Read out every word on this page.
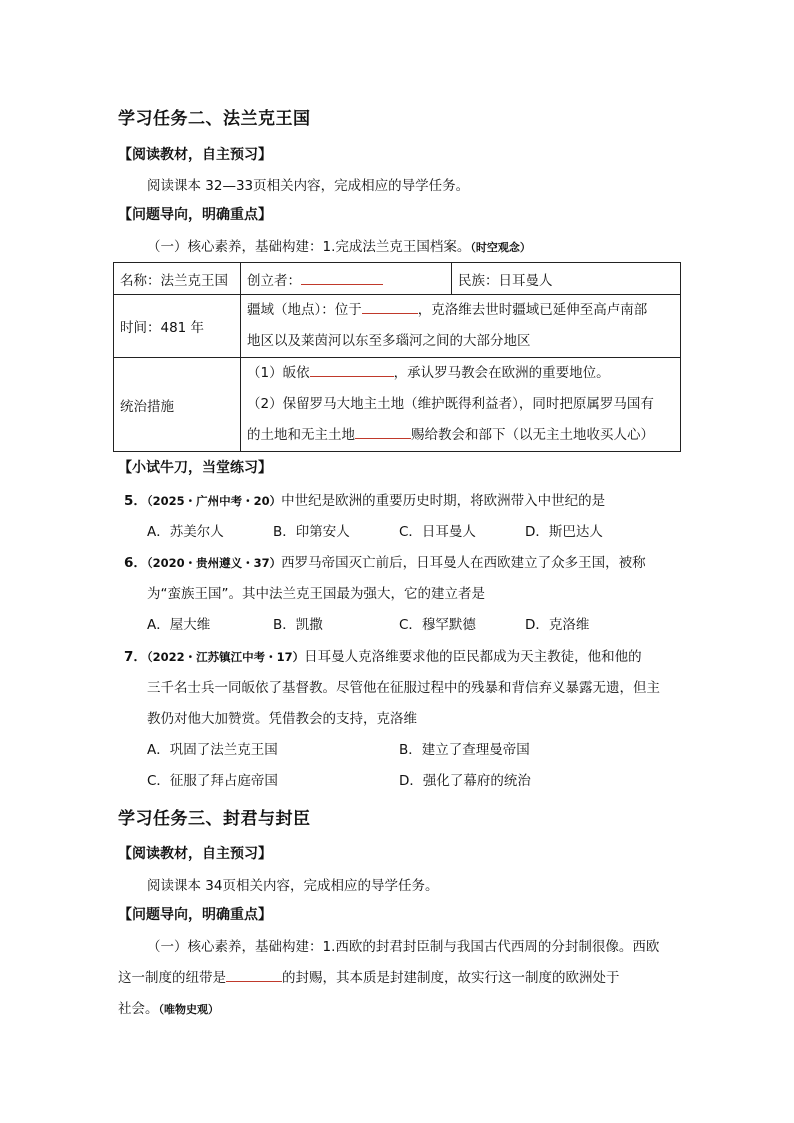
学习任务二、法兰克王国
【阅读教材，自主预习】
阅读课本 32—33页相关内容，完成相应的导学任务。
【问题导向，明确重点】
（一）核心素养，基础构建：1.完成法兰克王国档案。（时空观念）
名称：法兰克王国	创立者：	民族：日耳曼人
时间：481 年	疆域（地点）：位于 ，克洛维去世时疆域已延伸至高卢南部
地区以及莱茵河以东至多瑙河之间的大部分地区	

统治措施	（1）皈依 ，承认罗马教会在欧洲的重要地位。
（2）保留罗马大地主土地（维护既得利益者），同时把原属罗马国有
的土地和无主土地 赐给教会和部下（以无主土地收买人心）	
【小试牛刀，当堂练习】
5．（2025・广州中考・20）中世纪是欧洲的重要历史时期，将欧洲带入中世纪的是
A．苏美尔人	B．印第安人	C．日耳曼人	D．斯巴达人
6．（2020・贵州遵义・37）西罗马帝国灭亡前后，日耳曼人在西欧建立了众多王国，被称
为“蛮族王国”。其中法兰克王国最为强大，它的建立者是
A．屋大维	B．凯撒	C．穆罕默德	D．克洛维
7．（2022・江苏镇江中考・17）日耳曼人克洛维要求他的臣民都成为天主教徒，他和他的
三千名士兵一同皈依了基督教。尽管他在征服过程中的残暴和背信弃义暴露无遗，但主
教仍对他大加赞赏。凭借教会的支持，克洛维
A．巩固了法兰克王国	B．建立了查理曼帝国
C．征服了拜占庭帝国	D．强化了幕府的统治
学习任务三、封君与封臣
【阅读教材，自主预习】
阅读课本 34页相关内容，完成相应的导学任务。
【问题导向，明确重点】
（一）核心素养，基础构建：1.西欧的封君封臣制与我国古代西周的分封制很像。西欧
这一制度的纽带是	的封赐，其本质是封建制度，故实行这一制度的欧洲处于
社会。（唯物史观）
